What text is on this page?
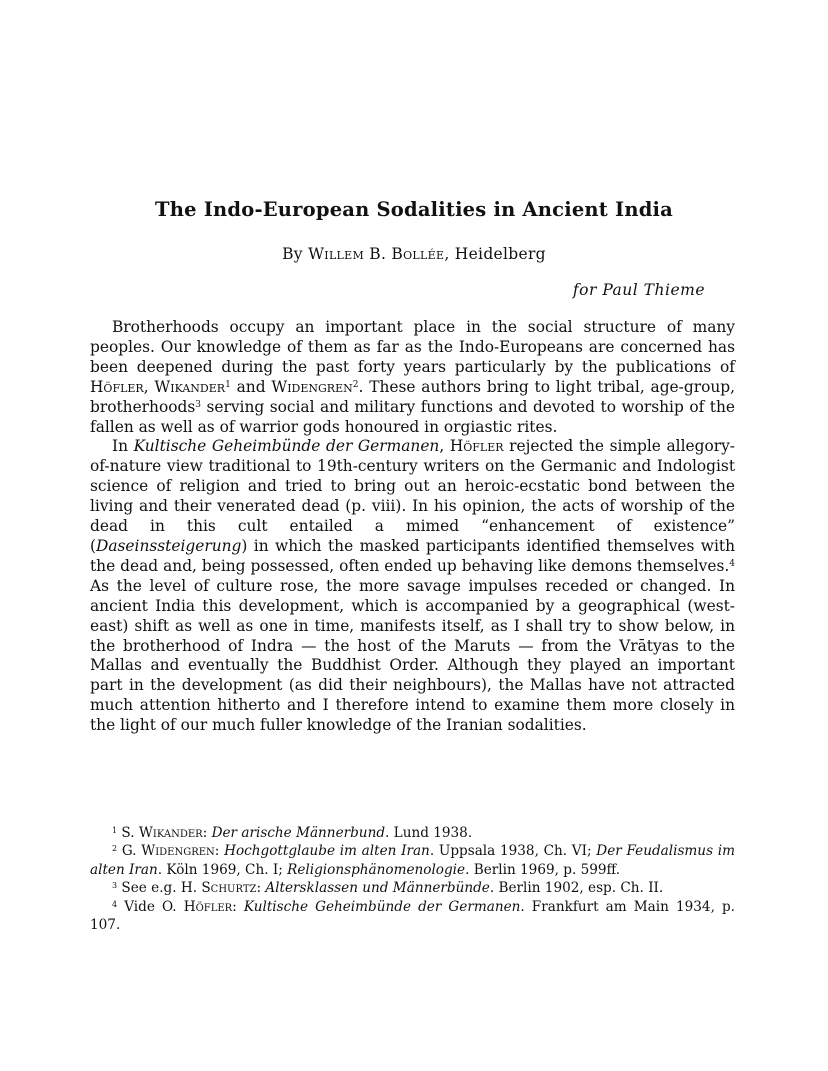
The Indo-European Sodalities in Ancient India
By Willem B. Bollée, Heidelberg
for Paul Thieme

Brotherhoods occupy an important place in the social structure of many peoples. Our knowledge of them as far as the Indo-Europeans are concerned has been deepened during the past forty years particularly by the publications of Höfler, Wikander$^1$ and Widengren$^2$. These authors bring to light tribal, age-group, brotherhoods$^3$ serving social and military functions and devoted to worship of the fallen as well as of warrior gods honoured in orgiastic rites.

In Kultische Geheimbünde der Germanen, Höfler rejected the simple allegory-of-nature view traditional to 19th-century writers on the Germanic and Indologist science of religion and tried to bring out an heroic-ecstatic bond between the living and their venerated dead (p. viii). In his opinion, the acts of worship of the dead in this cult entailed a mimed “enhancement of existence” (Daseinssteigerung) in which the masked participants identified themselves with the dead and, being possessed, often ended up behaving like demons themselves.$^4$ As the level of culture rose, the more savage impulses receded or changed. In ancient India this development, which is accompanied by a geographical (west-east) shift as well as one in time, manifests itself, as I shall try to show below, in the brotherhood of Indra — the host of the Maruts — from the Vrātyas to the Mallas and eventually the Buddhist Order. Although they played an important part in the development (as did their neighbours), the Mallas have not attracted much attention hitherto and I therefore intend to examine them more closely in the light of our much fuller knowledge of the Iranian sodalities.

$^1$ S. Wikander: Der arische Männerbund. Lund 1938.

$^2$ G. Widengren: Hochgottglaube im alten Iran. Uppsala 1938, Ch. VI; Der Feudalismus im alten Iran. Köln 1969, Ch. I; Religionsphänomenologie. Berlin 1969, p. 599ff.

$^3$ See e.g. H. Schurtz: Altersklassen und Männerbünde. Berlin 1902, esp. Ch. II.

$^4$ Vide O. Höfler: Kultische Geheimbünde der Germanen. Frankfurt am Main 1934, p. 107.
